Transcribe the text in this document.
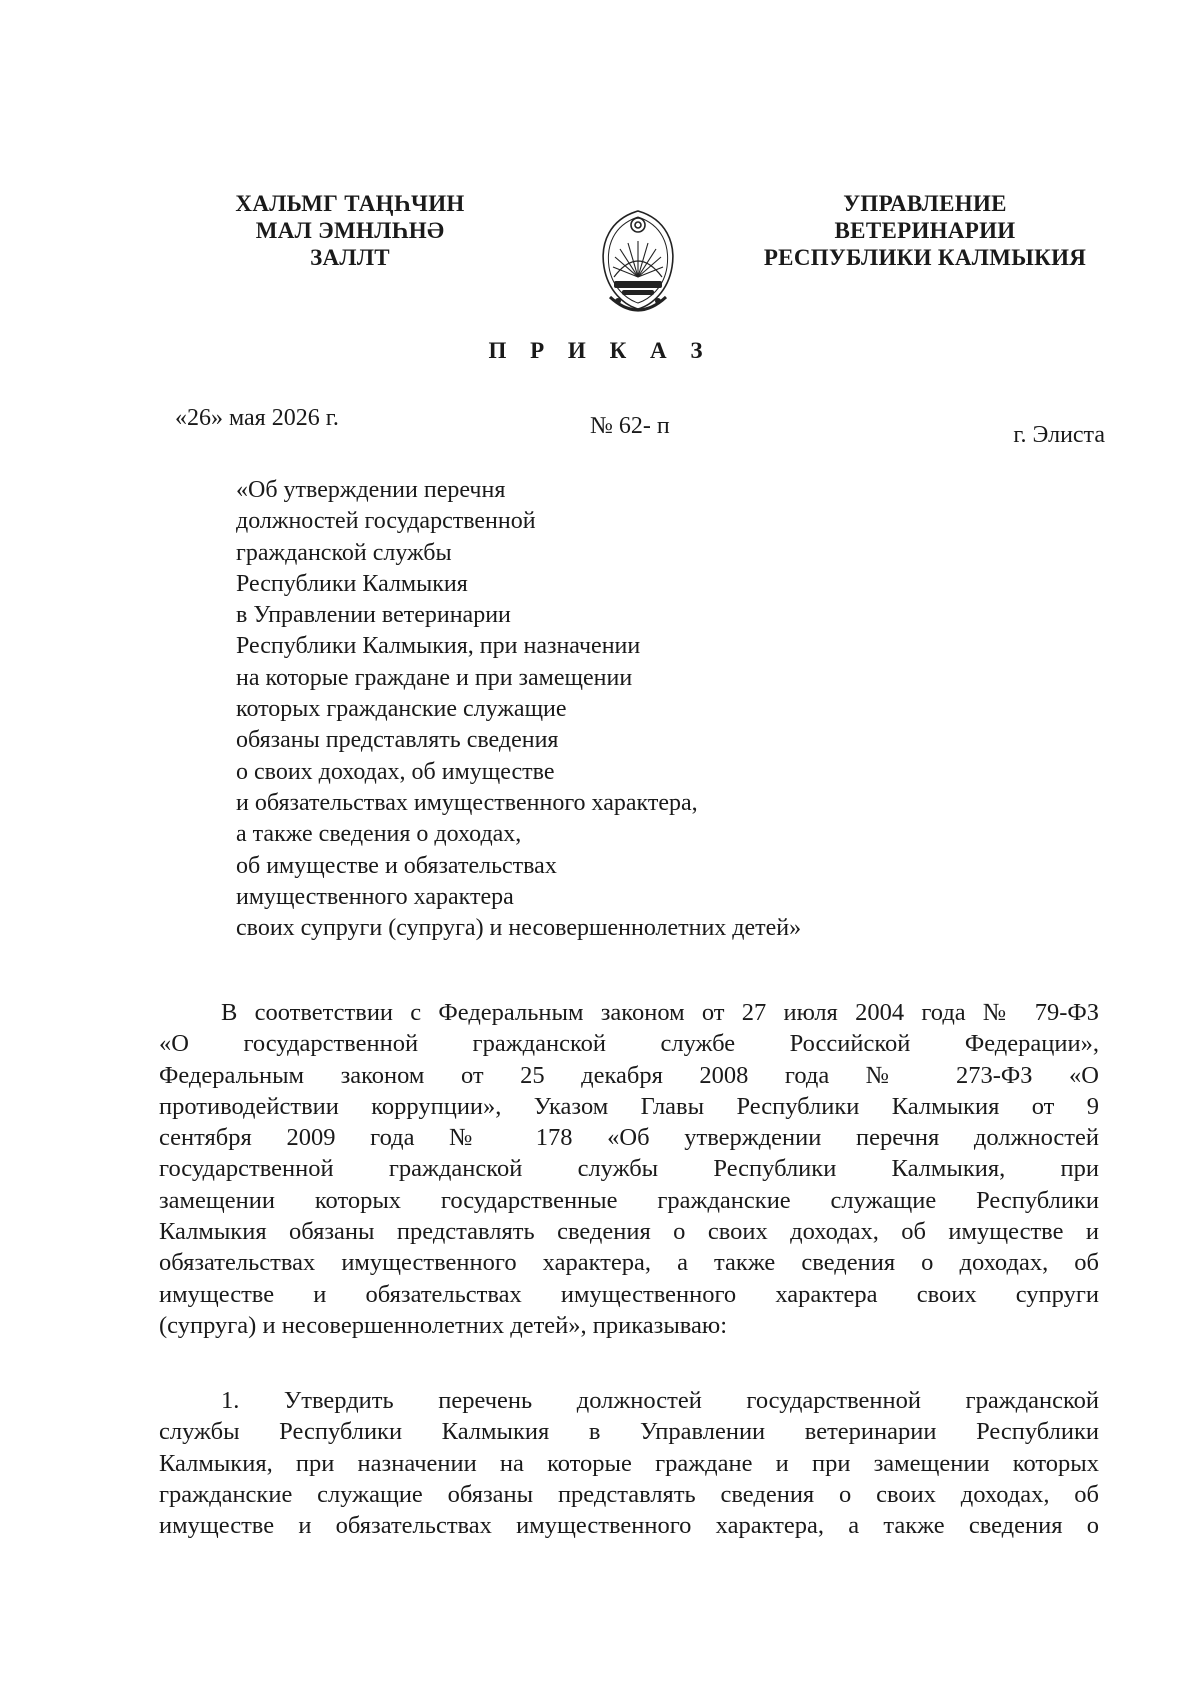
ХАЛЬМГ ТАҢҺЧИН
МАЛ ЭМНЛҺНӘ
ЗАЛЛТ
УПРАВЛЕНИЕ
ВЕТЕРИНАРИИ
РЕСПУБЛИКИ КАЛМЫКИЯ
П Р И К А З
«26» мая 2026 г.	№ 62- п	г. Элиста
«Об утверждении перечня
должностей государственной
гражданской службы
Республики Калмыкия
в Управлении ветеринарии
Республики Калмыкия, при назначении
на которые граждане и при замещении
которых гражданские служащие
обязаны представлять сведения
о своих доходах, об имуществе
и обязательствах имущественного характера,
а также сведения о доходах,
об имуществе и обязательствах
имущественного характера
своих супруги (супруга) и несовершеннолетних детей»
В соответствии с Федеральным законом от 27 июля 2004 года № 79-ФЗ
«О государственной гражданской службе Российской Федерации»,
Федеральным законом от 25 декабря 2008 года № 273-ФЗ «О
противодействии коррупции», Указом Главы Республики Калмыкия от 9
сентября 2009 года № 178 «Об утверждении перечня должностей
государственной гражданской службы Республики Калмыкия, при
замещении которых государственные гражданские служащие Республики
Калмыкия обязаны представлять сведения о своих доходах, об имуществе и
обязательствах имущественного характера, а также сведения о доходах, об
имуществе и обязательствах имущественного характера своих супруги
(супруга) и несовершеннолетних детей», приказываю:
1. Утвердить перечень должностей государственной гражданской
службы Республики Калмыкия в Управлении ветеринарии Республики
Калмыкия, при назначении на которые граждане и при замещении которых
гражданские служащие обязаны представлять сведения о своих доходах, об
имуществе и обязательствах имущественного характера, а также сведения о
